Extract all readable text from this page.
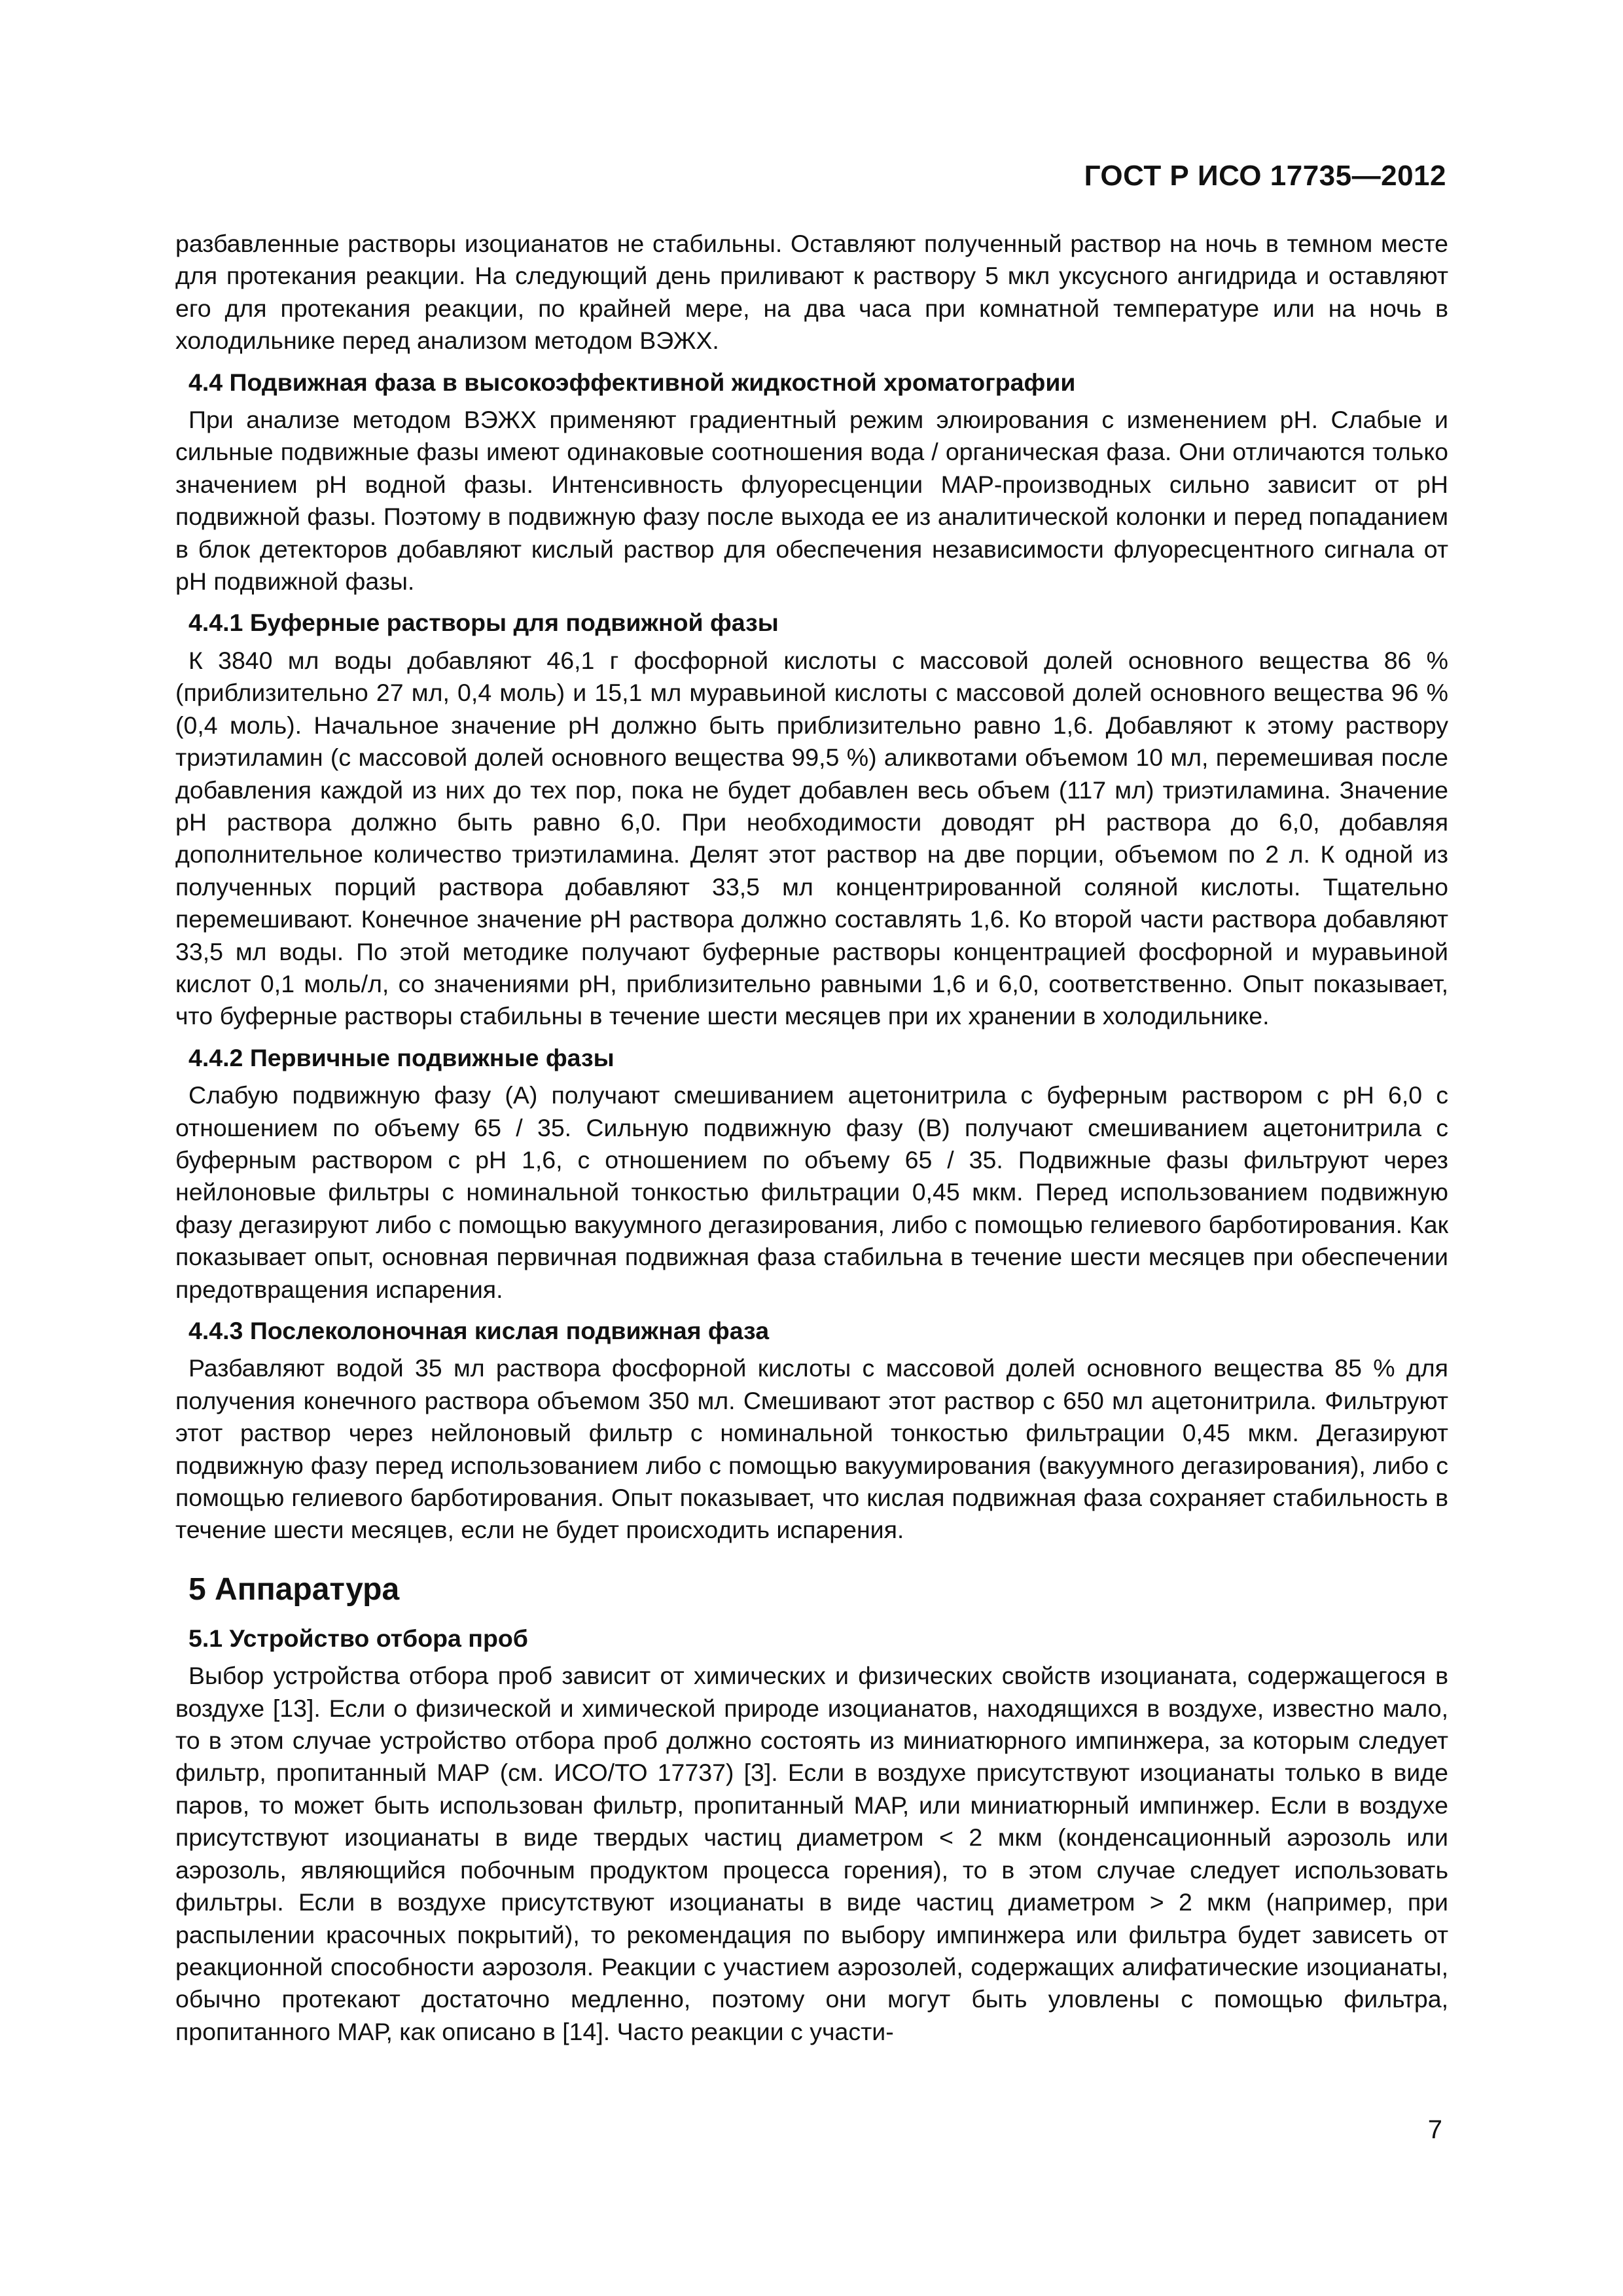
ГОСТ Р ИСО 17735—2012

разбавленные растворы изоцианатов не стабильны. Оставляют полученный раствор на ночь в темном месте для протекания реакции. На следующий день приливают к раствору 5 мкл уксусного ангидрида и оставляют его для протекания реакции, по крайней мере, на два часа при комнатной температуре или на ночь в холодильнике перед анализом методом ВЭЖХ.

4.4 Подвижная фаза в высокоэффективной жидкостной хроматографии

При анализе методом ВЭЖХ применяют градиентный режим элюирования с изменением рН. Слабые и сильные подвижные фазы имеют одинаковые соотношения вода / органическая фаза. Они отличаются только значением рН водной фазы. Интенсивность флуоресценции МАР-производных сильно зависит от рН подвижной фазы. Поэтому в подвижную фазу после выхода ее из аналитической колонки и перед попаданием в блок детекторов добавляют кислый раствор для обеспечения независимости флуоресцентного сигнала от рН подвижной фазы.

4.4.1 Буферные растворы для подвижной фазы

К 3840 мл воды добавляют 46,1 г фосфорной кислоты с массовой долей основного вещества 86 % (приблизительно 27 мл, 0,4 моль) и 15,1 мл муравьиной кислоты с массовой долей основного вещества 96 % (0,4 моль). Начальное значение рН должно быть приблизительно равно 1,6. Добавляют к этому раствору триэтиламин (с массовой долей основного вещества 99,5 %) аликвотами объемом 10 мл, перемешивая после добавления каждой из них до тех пор, пока не будет добавлен весь объем (117 мл) триэтиламина. Значение рН раствора должно быть равно 6,0. При необходимости доводят рН раствора до 6,0, добавляя дополнительное количество триэтиламина. Делят этот раствор на две порции, объемом по 2 л. К одной из полученных порций раствора добавляют 33,5 мл концентрированной соляной кислоты. Тщательно перемешивают. Конечное значение рН раствора должно составлять 1,6. Ко второй части раствора добавляют 33,5 мл воды. По этой методике получают буферные растворы концентрацией фосфорной и муравьиной кислот 0,1 моль/л, со значениями рН, приблизительно равными 1,6 и 6,0, соответственно. Опыт показывает, что буферные растворы стабильны в течение шести месяцев при их хранении в холодильнике.

4.4.2 Первичные подвижные фазы

Слабую подвижную фазу (А) получают смешиванием ацетонитрила с буферным раствором с рН 6,0 с отношением по объему 65 / 35. Сильную подвижную фазу (В) получают смешиванием ацетонитрила с буферным раствором с рН 1,6, с отношением по объему 65 / 35. Подвижные фазы фильтруют через нейлоновые фильтры с номинальной тонкостью фильтрации 0,45 мкм. Перед использованием подвижную фазу дегазируют либо с помощью вакуумного дегазирования, либо с помощью гелиевого барботирования. Как показывает опыт, основная первичная подвижная фаза стабильна в течение шести месяцев при обеспечении предотвращения испарения.

4.4.3 Послеколоночная кислая подвижная фаза

Разбавляют водой 35 мл раствора фосфорной кислоты с массовой долей основного вещества 85 % для получения конечного раствора объемом 350 мл. Смешивают этот раствор с 650 мл ацетонитрила. Фильтруют этот раствор через нейлоновый фильтр с номинальной тонкостью фильтрации 0,45 мкм. Дегазируют подвижную фазу перед использованием либо с помощью вакуумирования (вакуумного дегазирования), либо с помощью гелиевого барботирования. Опыт показывает, что кислая подвижная фаза сохраняет стабильность в течение шести месяцев, если не будет происходить испарения.

5 Аппаратура
5.1 Устройство отбора проб

Выбор устройства отбора проб зависит от химических и физических свойств изоцианата, содержащегося в воздухе [13]. Если о физической и химической природе изоцианатов, находящихся в воздухе, известно мало, то в этом случае устройство отбора проб должно состоять из миниатюрного импинжера, за которым следует фильтр, пропитанный МАР (см. ИСО/ТО 17737) [3]. Если в воздухе присутствуют изоцианаты только в виде паров, то может быть использован фильтр, пропитанный МАР, или миниатюрный импинжер. Если в воздухе присутствуют изоцианаты в виде твердых частиц диаметром < 2 мкм (конденсационный аэрозоль или аэрозоль, являющийся побочным продуктом процесса горения), то в этом случае следует использовать фильтры. Если в воздухе присутствуют изоцианаты в виде частиц диаметром > 2 мкм (например, при распылении красочных покрытий), то рекомендация по выбору импинжера или фильтра будет зависеть от реакционной способности аэрозоля. Реакции с участием аэрозолей, содержащих алифатические изоцианаты, обычно протекают достаточно медленно, поэтому они могут быть уловлены с помощью фильтра, пропитанного МАР, как описано в [14]. Часто реакции с участи-

7
